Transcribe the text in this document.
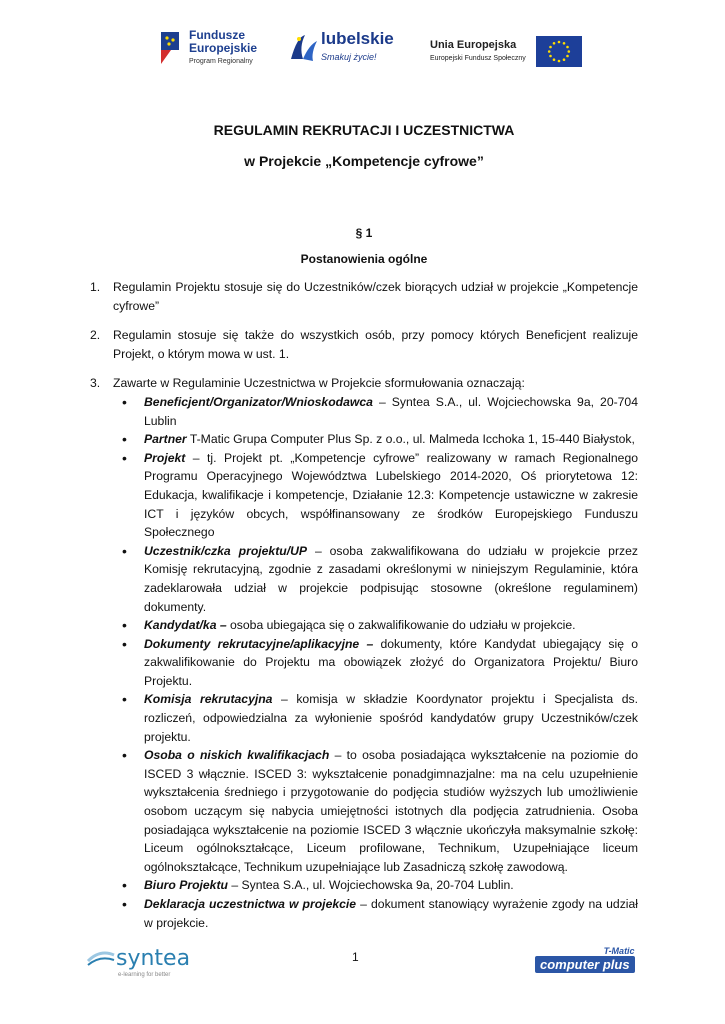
Fundusze
Europejskie
Program Regionalny
lubelskie
Smakuj życie!
Unia Europejska
Europejski Fundusz Społeczny
REGULAMIN REKRUTACJI I UCZESTNICTWA
w Projekcie „Kompetencje cyfrowe”
§ 1
Postanowienia ogólne
1.	Regulamin Projektu stosuje się do Uczestników/czek biorących udział w projekcie „Kompetencje cyfrowe”
2.	Regulamin stosuje się także do wszystkich osób, przy pomocy których Beneficjent realizuje Projekt, o którym mowa w ust. 1.
3.	Zawarte w Regulaminie Uczestnictwa w Projekcie sformułowania oznaczają:
• Beneficjent/Organizator/Wnioskodawca – Syntea S.A., ul. Wojciechowska 9a, 20-704 Lublin
• Partner T-Matic Grupa Computer Plus Sp. z o.o., ul. Malmeda Icchoka 1, 15-440 Białystok,
• Projekt – tj. Projekt pt. „Kompetencje cyfrowe” realizowany w ramach Regionalnego Programu Operacyjnego Województwa Lubelskiego 2014-2020, Oś priorytetowa 12: Edukacja, kwalifikacje i kompetencje, Działanie 12.3: Kompetencje ustawiczne w zakresie ICT i języków obcych, współfinansowany ze środków Europejskiego Funduszu Społecznego
• Uczestnik/czka projektu/UP – osoba zakwalifikowana do udziału w projekcie przez Komisję rekrutacyjną, zgodnie z zasadami określonymi w niniejszym Regulaminie, która zadeklarowała udział w projekcie podpisując stosowne (określone regulaminem) dokumenty.
• Kandydat/ka – osoba ubiegająca się o zakwalifikowanie do udziału w projekcie.
• Dokumenty rekrutacyjne/aplikacyjne – dokumenty, które Kandydat ubiegający się o zakwalifikowanie do Projektu ma obowiązek złożyć do Organizatora Projektu/ Biuro Projektu.
• Komisja rekrutacyjna – komisja w składzie Koordynator projektu i Specjalista ds. rozliczeń, odpowiedzialna za wyłonienie spośród kandydatów grupy Uczestników/czek projektu.
• Osoba o niskich kwalifikacjach – to osoba posiadająca wykształcenie na poziomie do ISCED 3 włącznie. ISCED 3: wykształcenie ponadgimnazjalne: ma na celu uzupełnienie wykształcenia średniego i przygotowanie do podjęcia studiów wyższych lub umożliwienie osobom uczącym się nabycia umiejętności istotnych dla podjęcia zatrudnienia. Osoba posiadająca wykształcenie na poziomie ISCED 3 włącznie ukończyła maksymalnie szkołę: Liceum ogólnokształcące, Liceum profilowane, Technikum, Uzupełniające liceum ogólnokształcące, Technikum uzupełniające lub Zasadniczą szkołę zawodową.
• Biuro Projektu – Syntea S.A., ul. Wojciechowska 9a, 20-704 Lublin.
• Deklaracja uczestnictwa w projekcie – dokument stanowiący wyrażenie zgody na udział w projekcie.
syntea
e-learning for better
1	T-Matic
computer plus
